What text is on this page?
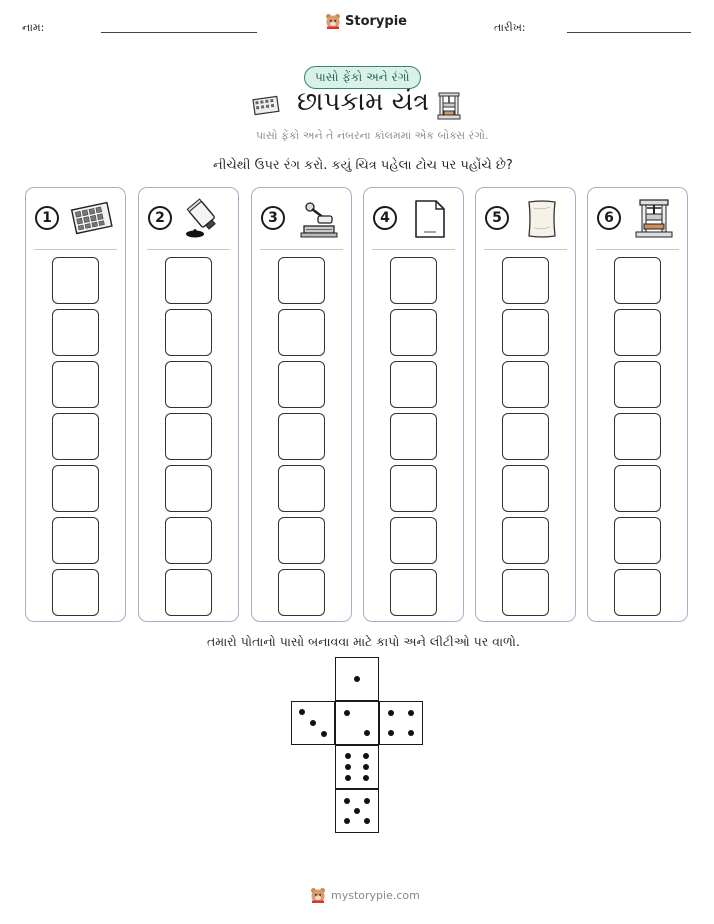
નામ:	Storypie	તારીખ:
પાસો ફેંકો અને રંગો
છાપકામ યંત્ર
પાસો ફેંકો અને તે નંબરના કૉલમમાં એક બોક્સ રંગો.
નીચેથી ઉપર રંગ કરો. કયું ચિત્ર પહેલા ટોચ પર પહોંચે છે?
1	2	3	4	5	6
તમારો પોતાનો પાસો બનાવવા માટે કાપો અને લીટીઓ પર વાળો.
mystorypie.com
